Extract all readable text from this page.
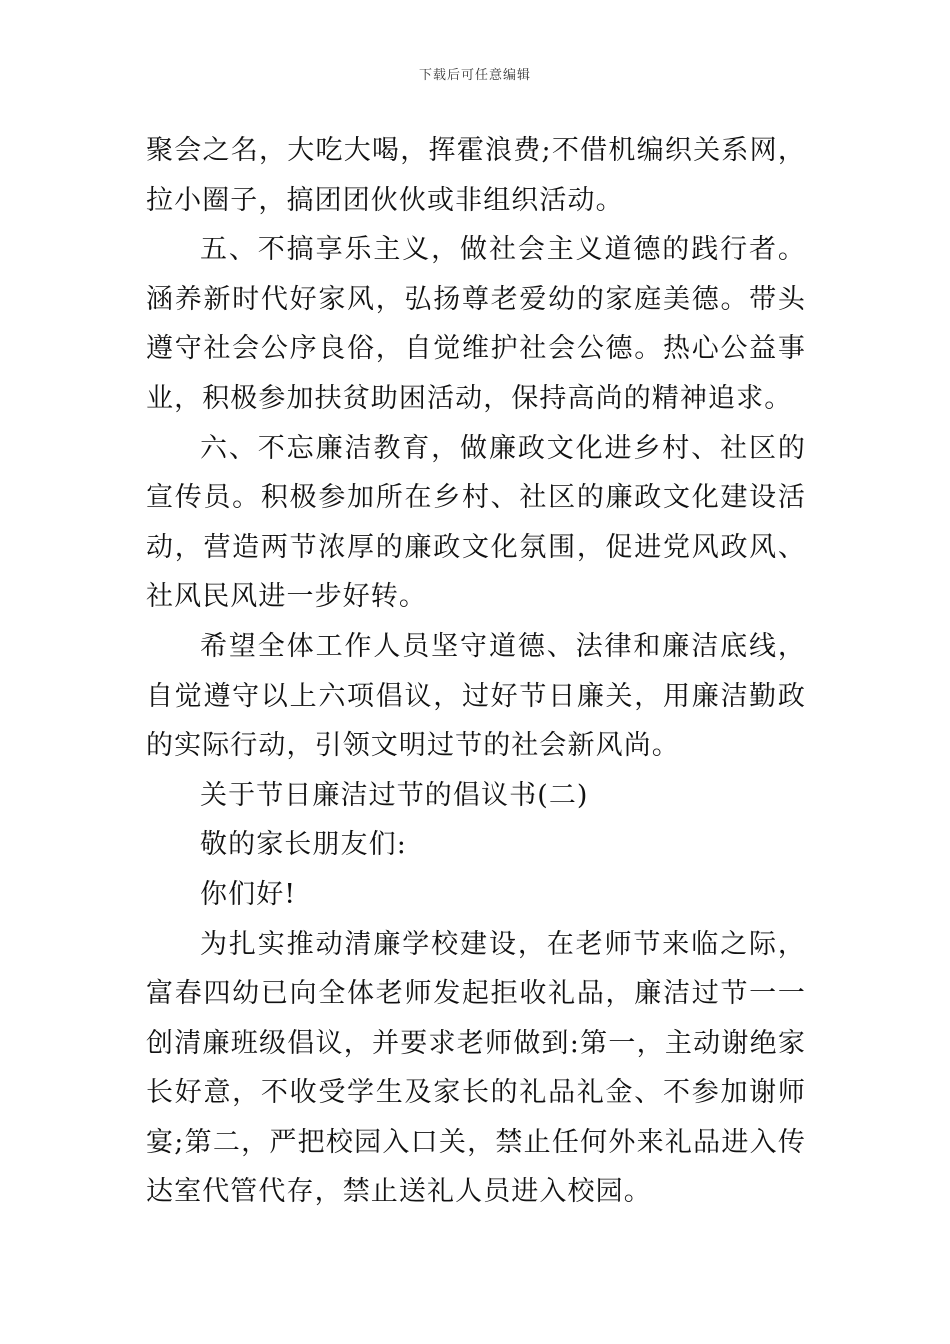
下载后可任意编辑

聚会之名，大吃大喝，挥霍浪费;不借机编织关系网，拉小圈子，搞团团伙伙或非组织活动。

五、不搞享乐主义，做社会主义道德的践行者。涵养新时代好家风，弘扬尊老爱幼的家庭美德。带头遵守社会公序良俗，自觉维护社会公德。热心公益事业，积极参加扶贫助困活动，保持高尚的精神追求。

六、不忘廉洁教育，做廉政文化进乡村、社区的宣传员。积极参加所在乡村、社区的廉政文化建设活动，营造两节浓厚的廉政文化氛围，促进党风政风、社风民风进一步好转。

希望全体工作人员坚守道德、法律和廉洁底线，自觉遵守以上六项倡议，过好节日廉关，用廉洁勤政的实际行动，引领文明过节的社会新风尚。

关于节日廉洁过节的倡议书(二)

敬的家长朋友们:

你们好!

为扎实推动清廉学校建设，在老师节来临之际，富春四幼已向全体老师发起拒收礼品，廉洁过节一一创清廉班级倡议，并要求老师做到:第一，主动谢绝家长好意，不收受学生及家长的礼品礼金、不参加谢师宴;第二，严把校园入口关，禁止任何外来礼品进入传达室代管代存，禁止送礼人员进入校园。
